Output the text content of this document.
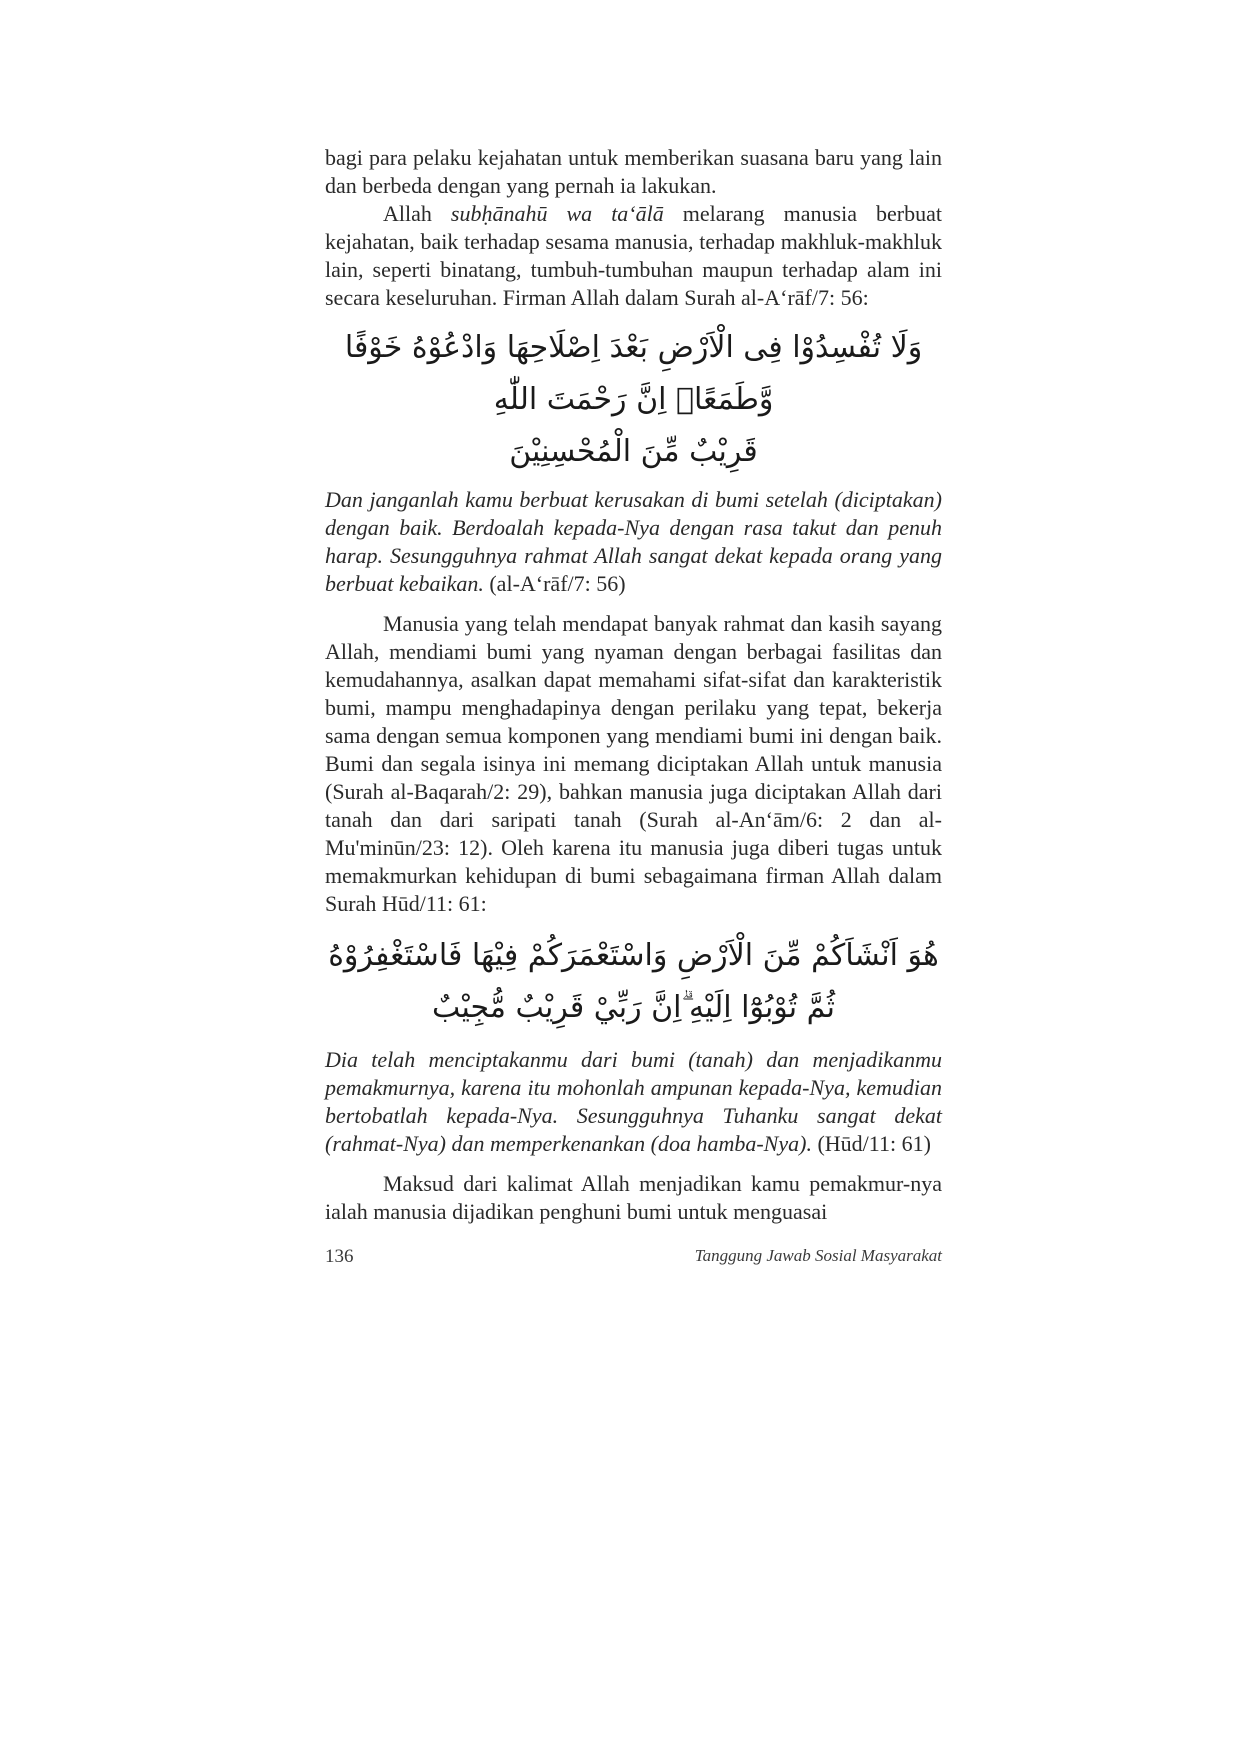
bagi para pelaku kejahatan untuk memberikan suasana baru yang lain dan berbeda dengan yang pernah ia lakukan.

Allah subḥānahū wa ta‘ālā melarang manusia berbuat kejahatan, baik terhadap sesama manusia, terhadap makhluk-makhluk lain, seperti binatang, tumbuh-tumbuhan maupun terhadap alam ini secara keseluruhan. Firman Allah dalam Surah al-A‘rāf/7: 56:

وَلَا تُفْسِدُوْا فِى الْاَرْضِ بَعْدَ اِصْلَاحِهَا وَادْعُوْهُ خَوْفًا وَّطَمَعًاۗ اِنَّ رَحْمَتَ اللّٰهِ
قَرِيْبٌ مِّنَ الْمُحْسِنِيْنَ

Dan janganlah kamu berbuat kerusakan di bumi setelah (diciptakan) dengan baik. Berdoalah kepada-Nya dengan rasa takut dan penuh harap. Sesungguhnya rahmat Allah sangat dekat kepada orang yang berbuat kebaikan. (al-A‘rāf/7: 56)

Manusia yang telah mendapat banyak rahmat dan kasih sayang Allah, mendiami bumi yang nyaman dengan berbagai fasilitas dan kemudahannya, asalkan dapat memahami sifat-sifat dan karakteristik bumi, mampu menghadapinya dengan perilaku yang tepat, bekerja sama dengan semua komponen yang mendiami bumi ini dengan baik. Bumi dan segala isinya ini memang diciptakan Allah untuk manusia (Surah al-Baqarah/2: 29), bahkan manusia juga diciptakan Allah dari tanah dan dari saripati tanah (Surah al-An‘ām/6: 2 dan al-Mu'minūn/23: 12). Oleh karena itu manusia juga diberi tugas untuk memakmurkan kehidupan di bumi sebagaimana firman Allah dalam Surah Hūd/11: 61:

هُوَ اَنْشَاَكُمْ مِّنَ الْاَرْضِ وَاسْتَعْمَرَكُمْ فِيْهَا فَاسْتَغْفِرُوْهُ ثُمَّ تُوْبُوْٓا اِلَيْهِ ۗاِنَّ رَبِّيْ قَرِيْبٌ مُّجِيْبٌ

Dia telah menciptakanmu dari bumi (tanah) dan menjadikanmu pemakmurnya, karena itu mohonlah ampunan kepada-Nya, kemudian bertobatlah kepada-Nya. Sesungguhnya Tuhanku sangat dekat (rahmat-Nya) dan memperkenankan (doa hamba-Nya). (Hūd/11: 61)

Maksud dari kalimat Allah menjadikan kamu pemakmur-nya ialah manusia dijadikan penghuni bumi untuk menguasai

136	Tanggung Jawab Sosial Masyarakat
